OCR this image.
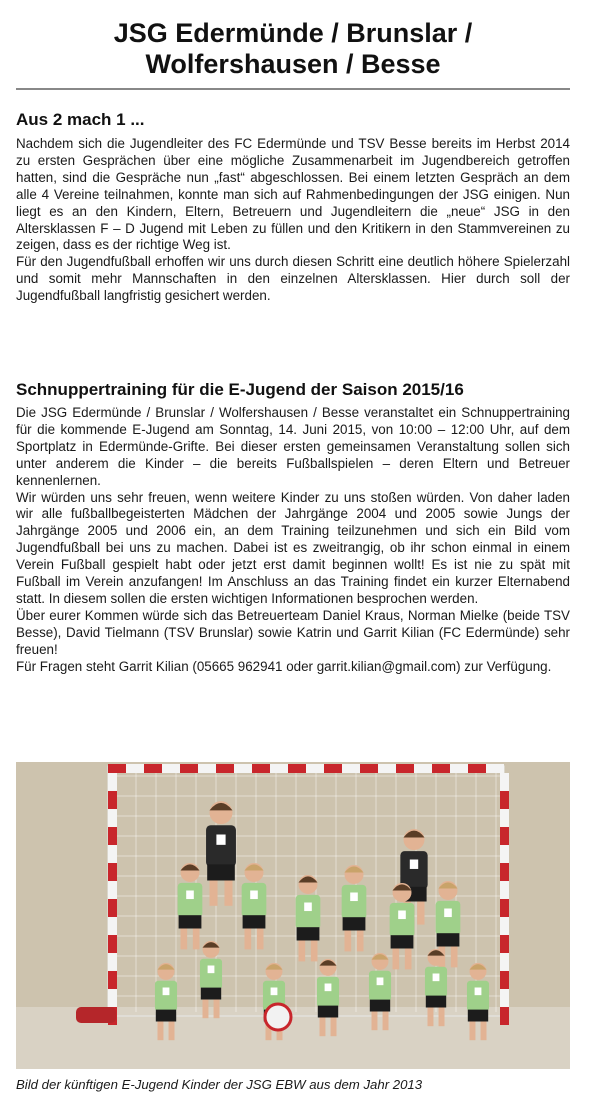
JSG Edermünde / Brunslar /
Wolfershausen / Besse
Aus 2 mach 1 ...

Nachdem sich die Jugendleiter des FC Edermünde und TSV Besse bereits im Herbst 2014 zu ersten Gesprächen über eine mögliche Zusammenarbeit im Jugendbereich getroffen hatten, sind die Gespräche nun „fast“ abgeschlossen. Bei einem letzten Gespräch an dem alle 4 Vereine teilnahmen, konnte man sich auf Rahmenbedingungen der JSG einigen. Nun liegt es an den Kindern, Eltern, Betreuern und Jugendleitern die „neue“ JSG in den Altersklassen F – D Jugend mit Leben zu füllen und den Kritikern in den Stammvereinen zu zeigen, dass es der richtige Weg ist.

Für den Jugendfußball erhoffen wir uns durch diesen Schritt eine deutlich höhere Spielerzahl und somit mehr Mannschaften in den einzelnen Altersklassen. Hier durch soll der Jugendfußball langfristig gesichert werden.

Schnuppertraining für die E-Jugend der Saison 2015/16

Die JSG Edermünde / Brunslar / Wolfershausen / Besse veranstaltet ein Schnuppertraining für die kommende E-Jugend am Sonntag, 14. Juni 2015, von 10:00 – 12:00 Uhr, auf dem Sportplatz in Edermünde-Grifte. Bei dieser ersten gemeinsamen Veranstaltung sollen sich unter anderem die Kinder – die bereits Fußballspielen – deren Eltern und Betreuer kennenlernen.

Wir würden uns sehr freuen, wenn weitere Kinder zu uns stoßen würden. Von daher laden wir alle fußballbegeisterten Mädchen der Jahrgänge 2004 und 2005 sowie Jungs der Jahrgänge 2005 und 2006 ein, an dem Training teilzunehmen und sich ein Bild vom Jugendfußball bei uns zu machen. Dabei ist es zweitrangig, ob ihr schon einmal in einem Verein Fußball gespielt habt oder jetzt erst damit beginnen wollt! Es ist nie zu spät mit Fußball im Verein anzufangen! Im Anschluss an das Training findet ein kurzer Elternabend statt. In diesem sollen die ersten wichtigen Informationen besprochen werden.

Über eurer Kommen würde sich das Betreuerteam Daniel Kraus, Norman Mielke (beide TSV Besse), David Tielmann (TSV Brunslar) sowie Katrin und Garrit Kilian (FC Edermünde) sehr freuen!

Für Fragen steht Garrit Kilian (05665 962941 oder garrit.kilian@gmail.com) zur Verfügung.

Bild der künftigen E-Jugend Kinder der JSG EBW aus dem Jahr 2013
